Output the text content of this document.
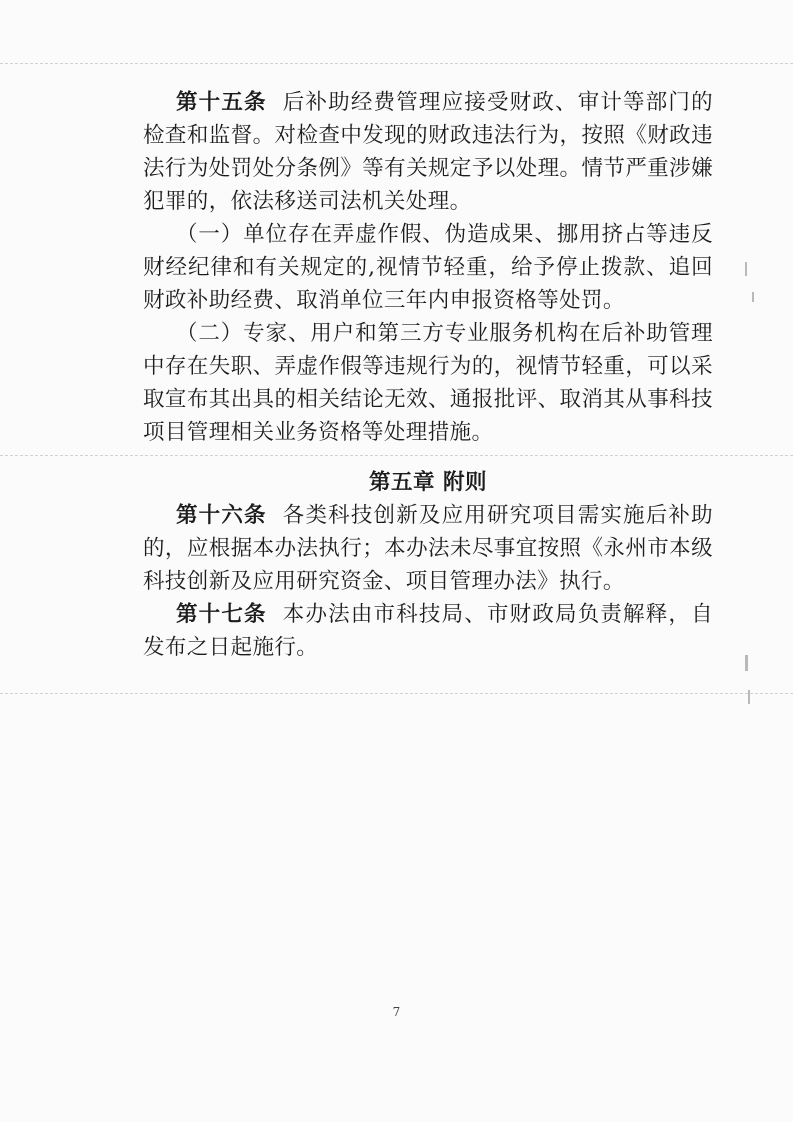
第十五条 后补助经费管理应接受财政、审计等部门的检查和监督。对检查中发现的财政违法行为，按照《财政违法行为处罚处分条例》等有关规定予以处理。情节严重涉嫌犯罪的，依法移送司法机关处理。

（一）单位存在弄虚作假、伪造成果、挪用挤占等违反财经纪律和有关规定的,视情节轻重，给予停止拨款、追回财政补助经费、取消单位三年内申报资格等处罚。

（二）专家、用户和第三方专业服务机构在后补助管理中存在失职、弄虚作假等违规行为的，视情节轻重，可以采取宣布其出具的相关结论无效、通报批评、取消其从事科技项目管理相关业务资格等处理措施。

第五章 附则

第十六条 各类科技创新及应用研究项目需实施后补助的，应根据本办法执行；本办法未尽事宜按照《永州市本级科技创新及应用研究资金、项目管理办法》执行。

第十七条 本办法由市科技局、市财政局负责解释，自发布之日起施行。

7
